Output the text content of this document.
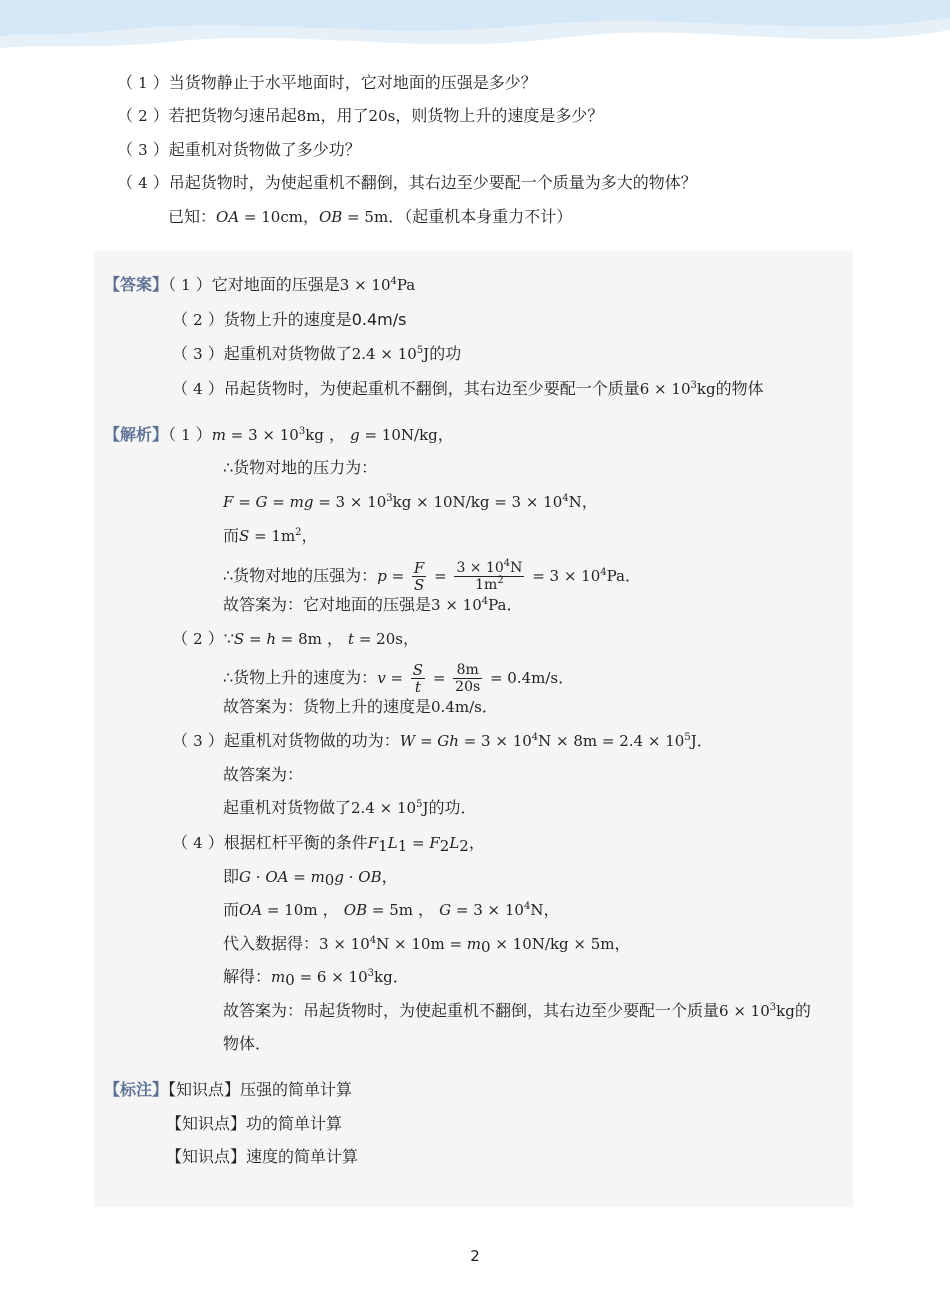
（ 1 ）当货物静止于水平地面时，它对地面的压强是多少？
（ 2 ）若把货物匀速吊起8m，用了20s，则货物上升的速度是多少？
（ 3 ）起重机对货物做了多少功？
（ 4 ）吊起货物时，为使起重机不翻倒，其右边至少要配一个质量为多大的物体？
已知：OA = 10cm，OB = 5m．（起重机本身重力不计）
【答案】（ 1 ）它对地面的压强是$3 \times 10^4Pa$
（ 2 ）货物上升的速度是0.4m/s
（ 3 ）起重机对货物做了$2.4 \times 10^5J$的功
（ 4 ）吊起货物时，为使起重机不翻倒，其右边至少要配一个质量$6 \times 10^3kg$的物体
【解析】（ 1 ）$m = 3 \times 10^3kg$ ， g = 10N/kg，
∴货物对地的压力为：
F = G = mg = $3 \times 10^3kg \times 10N/kg = 3 \times 10^4N$，
而$S = 1m^2$，
∴货物对地的压强为：$p = \frac{F}{S} = \frac{3 \times 10^4N}{1m^2} = 3 \times 10^4Pa$．
故答案为：它对地面的压强是$3 \times 10^4Pa$．
（ 2 ）∵S = h = 8m ， t = 20s，
∴货物上升的速度为：$v = \frac{S}{t} = \frac{8m}{20s} = 0.4m/s$．
故答案为：货物上升的速度是0.4m/s．
（ 3 ）起重机对货物做的功为：$W = Gh = 3 \times 10^4N \times 8m = 2.4 \times 10^5J$．
故答案为：
起重机对货物做了$2.4 \times 10^5J$的功．
（ 4 ）根据杠杆平衡的条件$F_1L_1 = F_2L_2$，
即G · OA = $m_0g$ · OB，
而OA = 10m ， OB = 5m ， $G = 3 \times 10^4N$，
代入数据得：$3 \times 10^4N \times 10m = m_0 \times 10N/kg \times 5m$，
解得：$m_0 = 6 \times 10^3kg$．
故答案为：吊起货物时，为使起重机不翻倒，其右边至少要配一个质量$6 \times 10^3kg$的
物体．
【标注】【知识点】压强的简单计算
【知识点】功的简单计算
【知识点】速度的简单计算
2
